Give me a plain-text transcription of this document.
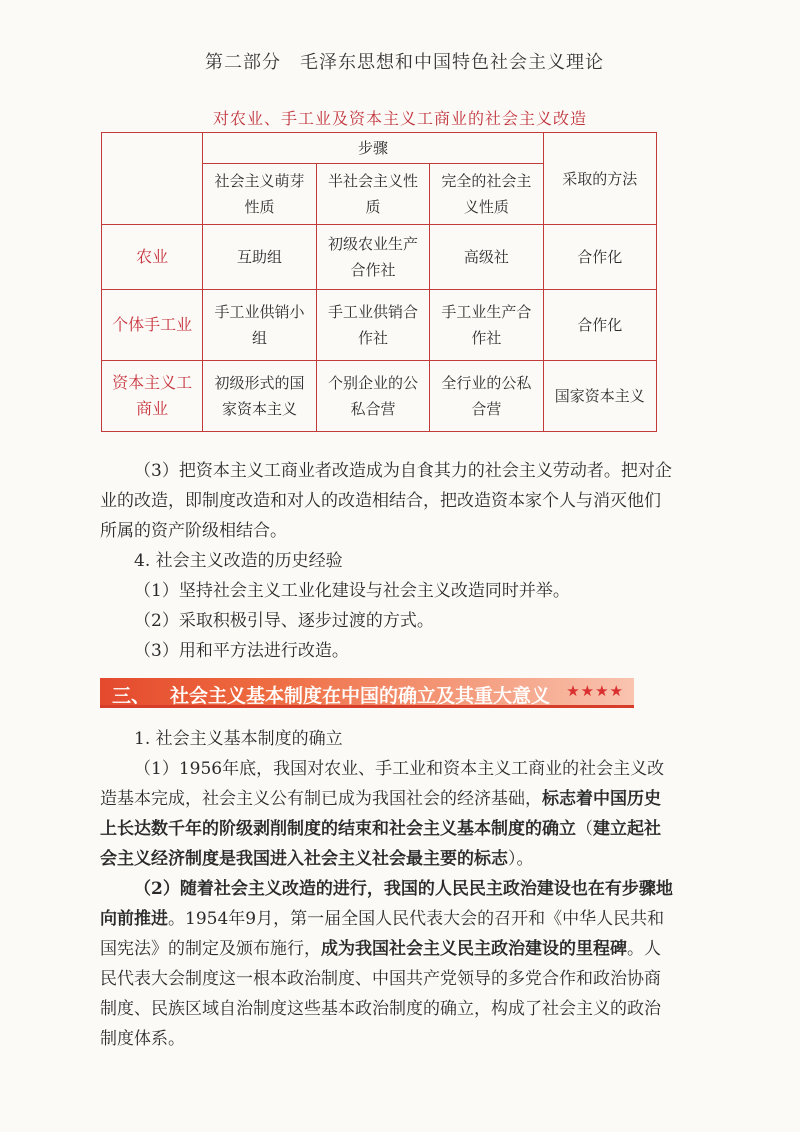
第二部分　毛泽东思想和中国特色社会主义理论
对农业、手工业及资本主义工商业的社会主义改造
	步骤			采取的方法
	社会主义萌芽性质	半社会主义性质	完全的社会主义性质	
农业	互助组	初级农业生产合作社	高级社	合作化
个体手工业	手工业供销小组	手工业供销合作社	手工业生产合作社	合作化
资本主义工商业	初级形式的国家资本主义	个别企业的公私合营	全行业的公私合营	国家资本主义

（3）把资本主义工商业者改造成为自食其力的社会主义劳动者。把对企业的改造，即制度改造和对人的改造相结合，把改造资本家个人与消灭他们所属的资产阶级相结合。

4. 社会主义改造的历史经验

（1）坚持社会主义工业化建设与社会主义改造同时并举。

（2）采取积极引导、逐步过渡的方式。

（3）用和平方法进行改造。

三、 社会主义基本制度在中国的确立及其重大意义 ★★★★

1. 社会主义基本制度的确立

（1）1956年底，我国对农业、手工业和资本主义工商业的社会主义改造基本完成，社会主义公有制已成为我国社会的经济基础，标志着中国历史上长达数千年的阶级剥削制度的结束和社会主义基本制度的确立（建立起社会主义经济制度是我国进入社会主义社会最主要的标志）。

（2）随着社会主义改造的进行，我国的人民民主政治建设也在有步骤地向前推进。1954年9月，第一届全国人民代表大会的召开和《中华人民共和国宪法》的制定及颁布施行，成为我国社会主义民主政治建设的里程碑。人民代表大会制度这一根本政治制度、中国共产党领导的多党合作和政治协商制度、民族区域自治制度这些基本政治制度的确立，构成了社会主义的政治制度体系。
